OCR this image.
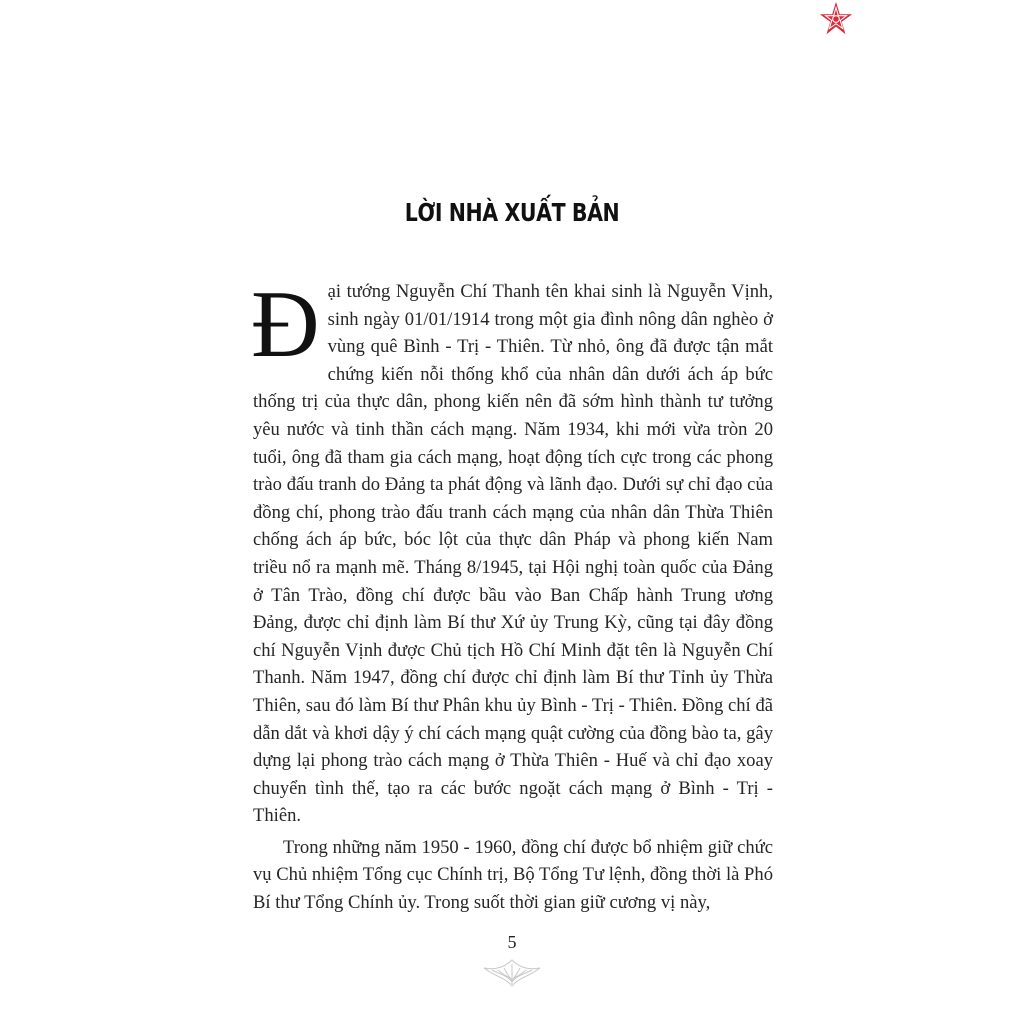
LỜI NHÀ XUẤT BẢN

Đại tướng Nguyễn Chí Thanh tên khai sinh là Nguyễn Vịnh, sinh ngày 01/01/1914 trong một gia đình nông dân nghèo ở vùng quê Bình - Trị - Thiên. Từ nhỏ, ông đã được tận mắt chứng kiến nỗi thống khổ của nhân dân dưới ách áp bức thống trị của thực dân, phong kiến nên đã sớm hình thành tư tưởng yêu nước và tinh thần cách mạng. Năm 1934, khi mới vừa tròn 20 tuổi, ông đã tham gia cách mạng, hoạt động tích cực trong các phong trào đấu tranh do Đảng ta phát động và lãnh đạo. Dưới sự chỉ đạo của đồng chí, phong trào đấu tranh cách mạng của nhân dân Thừa Thiên chống ách áp bức, bóc lột của thực dân Pháp và phong kiến Nam triều nổ ra mạnh mẽ. Tháng 8/1945, tại Hội nghị toàn quốc của Đảng ở Tân Trào, đồng chí được bầu vào Ban Chấp hành Trung ương Đảng, được chỉ định làm Bí thư Xứ ủy Trung Kỳ, cũng tại đây đồng chí Nguyễn Vịnh được Chủ tịch Hồ Chí Minh đặt tên là Nguyễn Chí Thanh. Năm 1947, đồng chí được chỉ định làm Bí thư Tỉnh ủy Thừa Thiên, sau đó làm Bí thư Phân khu ủy Bình - Trị - Thiên. Đồng chí đã dẫn dắt và khơi dậy ý chí cách mạng quật cường của đồng bào ta, gây dựng lại phong trào cách mạng ở Thừa Thiên - Huế và chỉ đạo xoay chuyển tình thế, tạo ra các bước ngoặt cách mạng ở Bình - Trị - Thiên.

Trong những năm 1950 - 1960, đồng chí được bổ nhiệm giữ chức vụ Chủ nhiệm Tổng cục Chính trị, Bộ Tổng Tư lệnh, đồng thời là Phó Bí thư Tổng Chính ủy. Trong suốt thời gian giữ cương vị này,

5
